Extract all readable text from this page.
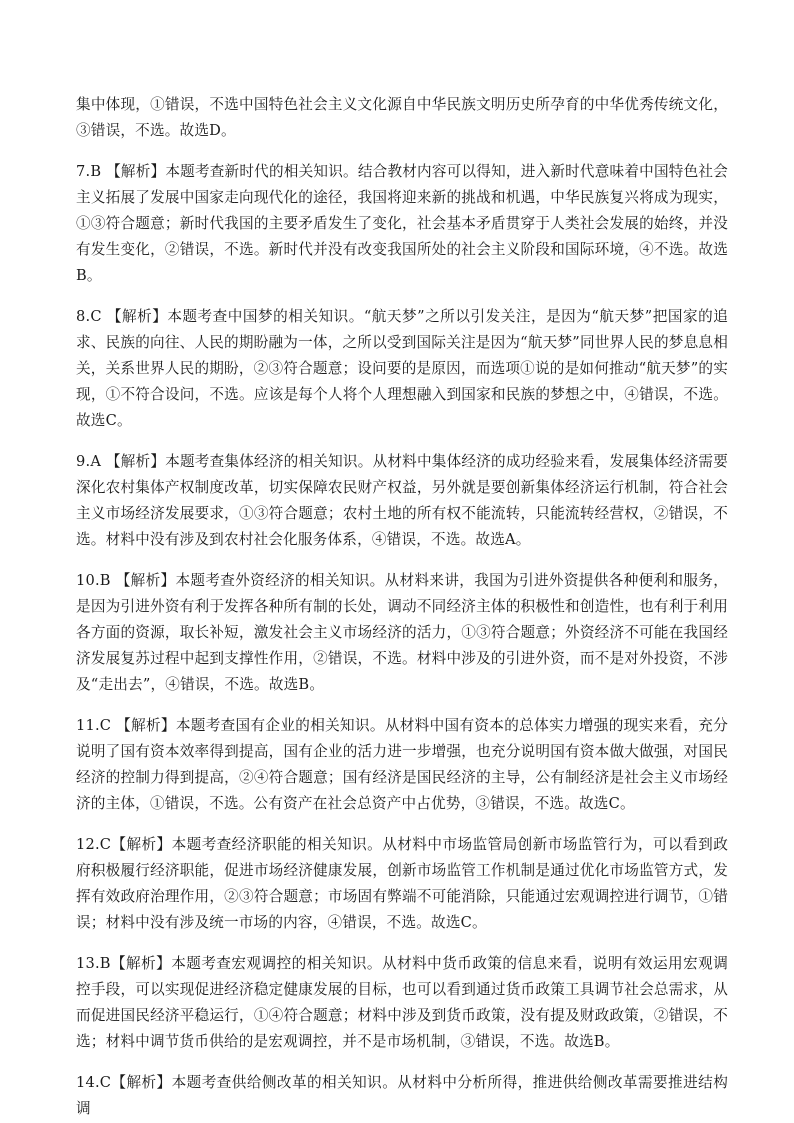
集中体现，①错误，不选中国特色社会主义文化源自中华民族文明历史所孕育的中华优秀传统文化，③错误，不选。故选D。

7.B 【解析】本题考查新时代的相关知识。结合教材内容可以得知，进入新时代意味着中国特色社会主义拓展了发展中国家走向现代化的途径，我国将迎来新的挑战和机遇，中华民族复兴将成为现实，①③符合题意；新时代我国的主要矛盾发生了变化，社会基本矛盾贯穿于人类社会发展的始终，并没有发生变化，②错误，不选。新时代并没有改变我国所处的社会主义阶段和国际环境，④不选。故选B。

8.C 【解析】本题考查中国梦的相关知识。“航天梦”之所以引发关注，是因为“航天梦”把国家的追求、民族的向往、人民的期盼融为一体，之所以受到国际关注是因为“航天梦”同世界人民的梦息息相关，关系世界人民的期盼，②③符合题意；设问要的是原因，而选项①说的是如何推动“航天梦”的实现，①不符合设问，不选。应该是每个人将个人理想融入到国家和民族的梦想之中，④错误，不选。故选C。

9.A 【解析】本题考查集体经济的相关知识。从材料中集体经济的成功经验来看，发展集体经济需要深化农村集体产权制度改革，切实保障农民财产权益，另外就是要创新集体经济运行机制，符合社会主义市场经济发展要求，①③符合题意；农村土地的所有权不能流转，只能流转经营权，②错误，不选。材料中没有涉及到农村社会化服务体系，④错误，不选。故选A。

10.B 【解析】本题考查外资经济的相关知识。从材料来讲，我国为引进外资提供各种便利和服务，是因为引进外资有利于发挥各种所有制的长处，调动不同经济主体的积极性和创造性，也有利于利用各方面的资源，取长补短，激发社会主义市场经济的活力，①③符合题意；外资经济不可能在我国经济发展复苏过程中起到支撑性作用，②错误，不选。材料中涉及的引进外资，而不是对外投资，不涉及“走出去”，④错误，不选。故选B。

11.C 【解析】本题考查国有企业的相关知识。从材料中国有资本的总体实力增强的现实来看，充分说明了国有资本效率得到提高，国有企业的活力进一步增强，也充分说明国有资本做大做强，对国民经济的控制力得到提高，②④符合题意；国有经济是国民经济的主导，公有制经济是社会主义市场经济的主体，①错误，不选。公有资产在社会总资产中占优势，③错误，不选。故选C。

12.C【解析】本题考查经济职能的相关知识。从材料中市场监管局创新市场监管行为，可以看到政府积极履行经济职能，促进市场经济健康发展，创新市场监管工作机制是通过优化市场监管方式，发挥有效政府治理作用，②③符合题意；市场固有弊端不可能消除，只能通过宏观调控进行调节，①错误；材料中没有涉及统一市场的内容，④错误，不选。故选C。

13.B【解析】本题考查宏观调控的相关知识。从材料中货币政策的信息来看，说明有效运用宏观调控手段，可以实现促进经济稳定健康发展的目标，也可以看到通过货币政策工具调节社会总需求，从而促进国民经济平稳运行，①④符合题意；材料中涉及到货币政策，没有提及财政政策，②错误，不选；材料中调节货币供给的是宏观调控，并不是市场机制，③错误，不选。故选B。

14.C【解析】本题考查供给侧改革的相关知识。从材料中分析所得，推进供给侧改革需要推进结构调
